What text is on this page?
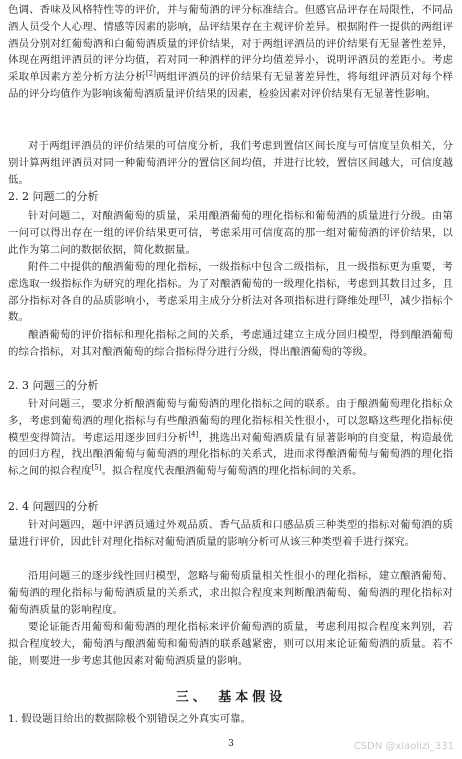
色调、香味及风格特性等的评价，并与葡萄酒的评分标准结合。但感官品评存在局限性，不同品酒人员受个人心理、情感等因素的影响，品评结果存在主观评价差异。根据附件一提供的两组评酒员分别对红葡萄酒和白葡萄酒质量的评价结果，对于两组评酒员的评价结果有无显著性差异，体现在两组评酒员的评分均值，若对同一种酒样的评分均值差异小，说明评酒员的差距小。考虑采取单因素方差分析方法分析[2]两组评酒员的评价结果有无显著差异性，将每组评酒员对每个样品的评分均值作为影响该葡萄酒质量评价结果的因素，检验因素对评价结果有无显著性影响。

对于两组评酒员的评价结果的可信度分析，我们考虑到置信区间长度与可信度呈负相关，分别计算两组评酒员对同一种葡萄酒评分的置信区间均值，并进行比较，置信区间越大，可信度越低。

2. 2 问题二的分析

针对问题二，对酿酒葡萄的质量，采用酿酒葡萄的理化指标和葡萄酒的质量进行分级。由第一问可以得出存在一组的评价结果更可信，考虑采用可信度高的那一组对葡萄酒的评价结果，以此作为第二问的数据依据，简化数据量。

附件二中提供的酿酒葡萄的理化指标，一级指标中包含二级指标，且一级指标更为重要，考虑选取一级指标作为研究的理化指标。为了对酿酒葡萄的一级理化指标，考虑到其数目过多，且部分指标对各自的品质影响小，考虑采用主成分分析法对各项指标进行降维处理[3]，减少指标个数。

酿酒葡萄的评价指标和理化指标之间的关系，考虑通过建立主成分回归模型，得到酿酒葡萄的综合指标，对其对酿酒葡萄的综合指标得分进行分级，得出酿酒葡萄的等级。

2. 3 问题三的分析

针对问题三，要求分析酿酒葡萄与葡萄酒的理化指标之间的联系。由于酿酒葡萄理化指标众多，考虑到葡萄酒的理化指标与有些酿酒葡萄的理化指标相关性很小，可以忽略这些理化指标使模型变得简洁。考虑运用逐步回归分析[4]，挑选出对葡萄酒质量有显著影响的自变量，构造最优的回归方程，找出酿酒葡萄与葡萄酒的理化指标的关系式，进而求得酿酒葡萄与葡萄酒的理化指标之间的拟合程度[5]。拟合程度代表酿酒葡萄与葡萄酒的理化指标间的关系。

2. 4 问题四的分析

针对问题四，题中评酒员通过外观品质、香气品质和口感品质三种类型的指标对葡萄酒的质量进行评价，因此针对理化指标对葡萄酒质量的影响分析可从该三种类型着手进行探究。

沿用问题三的逐步线性回归模型，忽略与葡萄质量相关性很小的理化指标，建立酿酒葡萄、葡萄酒的理化指标与葡萄酒质量的关系式，求出拟合程度来判断酿酒葡萄、葡萄酒的理化指标对葡萄酒质量的影响程度。

要论证能否用葡萄和葡萄酒的理化指标来评价葡萄酒的质量，考虑利用拟合程度来判别，若拟合程度较大，葡萄酒与酿酒葡萄和葡萄酒的联系越紧密，则可以用来论证葡萄酒的质量。若不能，则要进一步考虑其他因素对葡萄酒质量的影响。

三、 基本假设

1. 假设题目给出的数据除极个别错误之外真实可靠。

3	CSDN @xiaolizi_331
